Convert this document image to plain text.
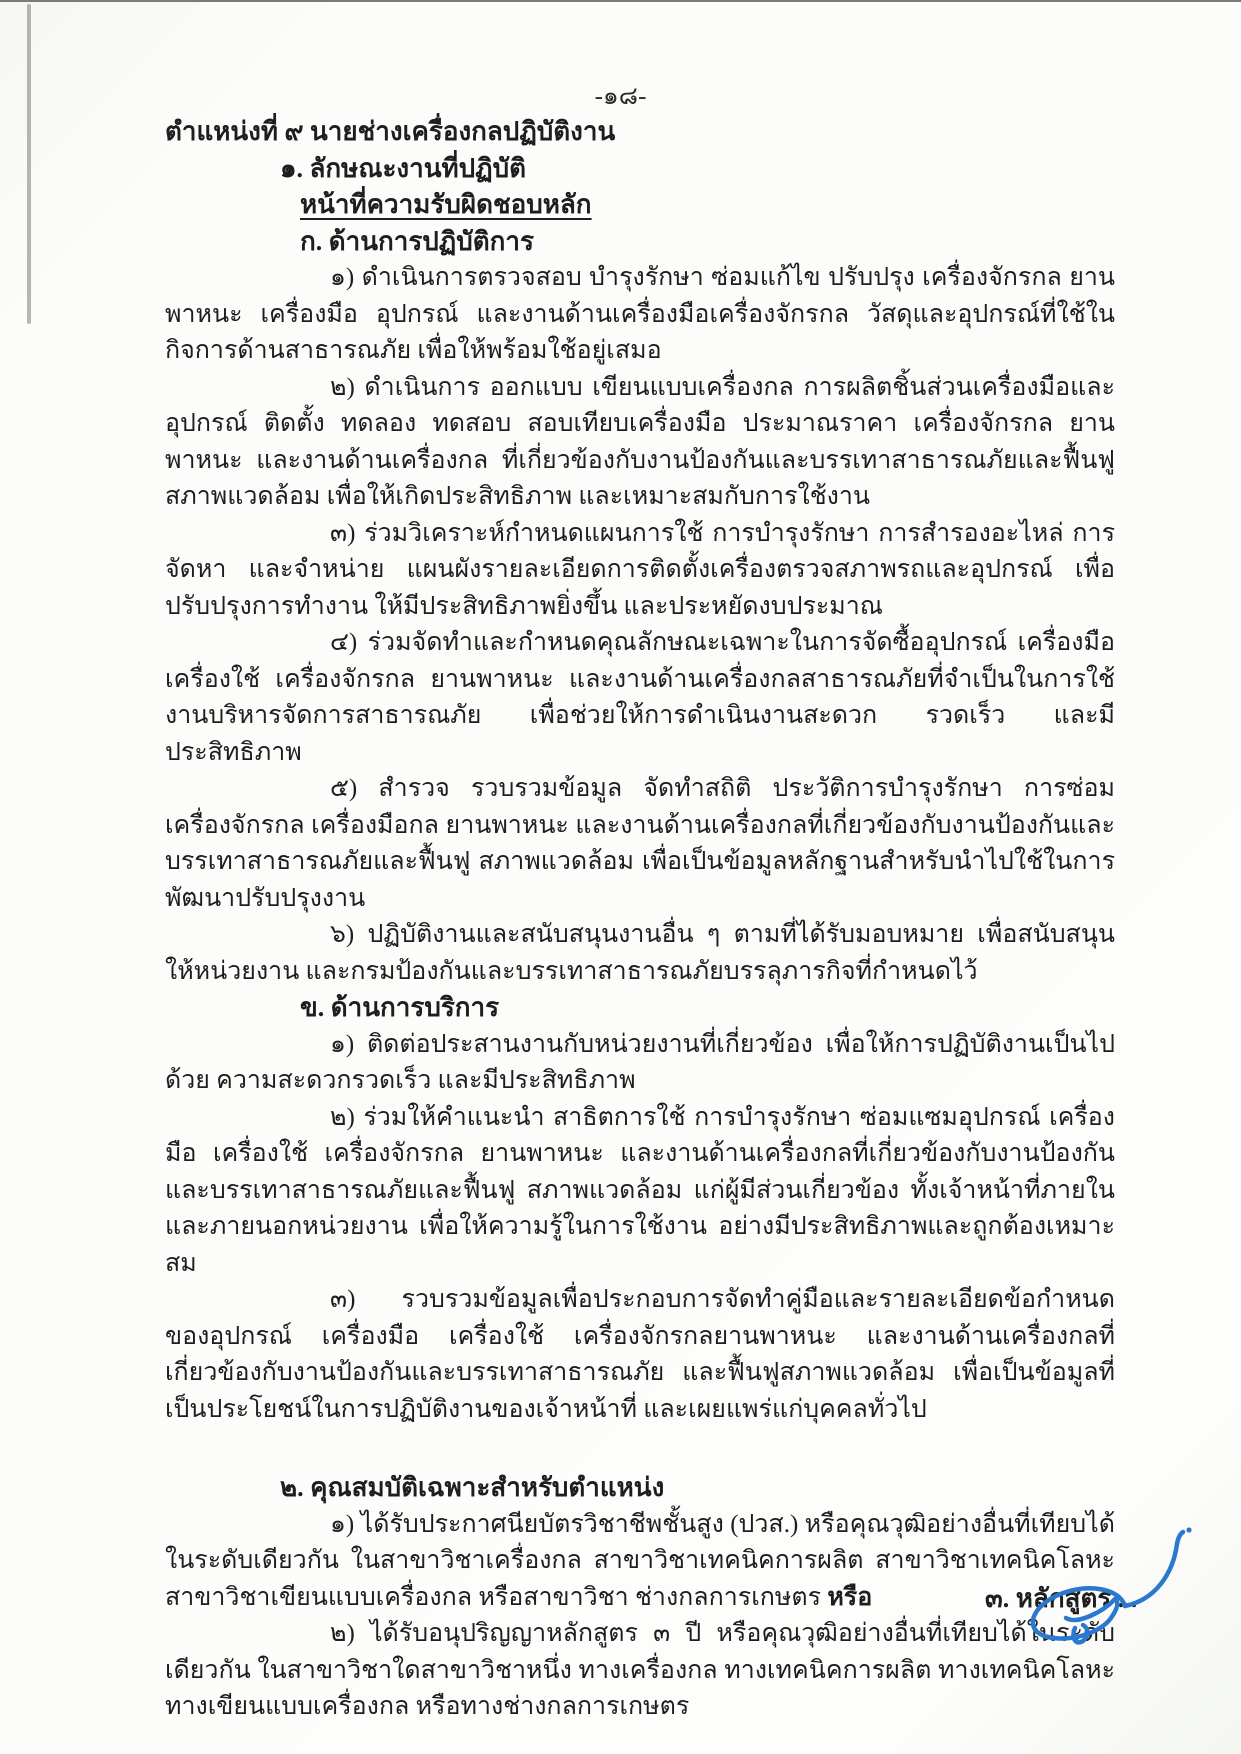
-๑๘-

ตำแหน่งที่ ๙ นายช่างเครื่องกลปฏิบัติงาน

๑. ลักษณะงานที่ปฏิบัติ

หน้าที่ความรับผิดชอบหลัก

ก. ด้านการปฏิบัติการ

๑) ดำเนินการตรวจสอบ บำรุงรักษา ซ่อมแก้ไข ปรับปรุง เครื่องจักรกล ยานพาหนะ เครื่องมือ อุปกรณ์ และงานด้านเครื่องมือเครื่องจักรกล วัสดุและอุปกรณ์ที่ใช้ในกิจการด้านสาธารณภัย เพื่อให้พร้อมใช้อยู่เสมอ

๒) ดำเนินการ ออกแบบ เขียนแบบเครื่องกล การผลิตชิ้นส่วนเครื่องมือและอุปกรณ์ ติดตั้ง ทดลอง ทดสอบ สอบเทียบเครื่องมือ ประมาณราคา เครื่องจักรกล ยานพาหนะ และงานด้านเครื่องกล ที่เกี่ยวข้องกับงานป้องกันและบรรเทาสาธารณภัยและฟื้นฟูสภาพแวดล้อม เพื่อให้เกิดประสิทธิภาพ และเหมาะสมกับการใช้งาน

๓) ร่วมวิเคราะห์กำหนดแผนการใช้ การบำรุงรักษา การสำรองอะไหล่ การจัดหา และจำหน่าย แผนผังรายละเอียดการติดตั้งเครื่องตรวจสภาพรถและอุปกรณ์ เพื่อปรับปรุงการทำงาน ให้มีประสิทธิภาพยิ่งขึ้น และประหยัดงบประมาณ

๔) ร่วมจัดทำและกำหนดคุณลักษณะเฉพาะในการจัดซื้ออุปกรณ์ เครื่องมือเครื่องใช้ เครื่องจักรกล ยานพาหนะ และงานด้านเครื่องกลสาธารณภัยที่จำเป็นในการใช้งานบริหารจัดการสาธารณภัย เพื่อช่วยให้การดำเนินงานสะดวก รวดเร็ว และมีประสิทธิภาพ

๕) สำรวจ รวบรวมข้อมูล จัดทำสถิติ ประวัติการบำรุงรักษา การซ่อมเครื่องจักรกล เครื่องมือกล ยานพาหนะ และงานด้านเครื่องกลที่เกี่ยวข้องกับงานป้องกันและบรรเทาสาธารณภัยและฟื้นฟู สภาพแวดล้อม เพื่อเป็นข้อมูลหลักฐานสำหรับนำไปใช้ในการพัฒนาปรับปรุงงาน

๖) ปฏิบัติงานและสนับสนุนงานอื่น ๆ ตามที่ได้รับมอบหมาย เพื่อสนับสนุนให้หน่วยงาน และกรมป้องกันและบรรเทาสาธารณภัยบรรลุภารกิจที่กำหนดไว้

ข. ด้านการบริการ

๑) ติดต่อประสานงานกับหน่วยงานที่เกี่ยวข้อง เพื่อให้การปฏิบัติงานเป็นไปด้วย ความสะดวกรวดเร็ว และมีประสิทธิภาพ

๒) ร่วมให้คำแนะนำ สาธิตการใช้ การบำรุงรักษา ซ่อมแซมอุปกรณ์ เครื่องมือ เครื่องใช้ เครื่องจักรกล ยานพาหนะ และงานด้านเครื่องกลที่เกี่ยวข้องกับงานป้องกันและบรรเทาสาธารณภัยและฟื้นฟู สภาพแวดล้อม แก่ผู้มีส่วนเกี่ยวข้อง ทั้งเจ้าหน้าที่ภายในและภายนอกหน่วยงาน เพื่อให้ความรู้ในการใช้งาน อย่างมีประสิทธิภาพและถูกต้องเหมาะสม

๓) รวบรวมข้อมูลเพื่อประกอบการจัดทำคู่มือและรายละเอียดข้อกำหนดของอุปกรณ์ เครื่องมือ เครื่องใช้ เครื่องจักรกลยานพาหนะ และงานด้านเครื่องกลที่เกี่ยวข้องกับงานป้องกันและบรรเทาสาธารณภัย และฟื้นฟูสภาพแวดล้อม เพื่อเป็นข้อมูลที่เป็นประโยชน์ในการปฏิบัติงานของเจ้าหน้าที่ และเผยแพร่แก่บุคคลทั่วไป

๒. คุณสมบัติเฉพาะสำหรับตำแหน่ง

๑) ได้รับประกาศนียบัตรวิชาชีพชั้นสูง (ปวส.) หรือคุณวุฒิอย่างอื่นที่เทียบได้ในระดับเดียวกัน ในสาขาวิชาเครื่องกล สาขาวิชาเทคนิคการผลิต สาขาวิชาเทคนิคโลหะ สาขาวิชาเขียนแบบเครื่องกล หรือสาขาวิชา ช่างกลการเกษตร หรือ

๒) ได้รับอนุปริญญาหลักสูตร ๓ ปี หรือคุณวุฒิอย่างอื่นที่เทียบได้ในระดับเดียวกัน ในสาขาวิชาใดสาขาวิชาหนึ่ง ทางเครื่องกล ทางเทคนิคการผลิต ทางเทคนิคโลหะ ทางเขียนแบบเครื่องกล หรือทางช่างกลการเกษตร

๓. หลักสูตร ...
